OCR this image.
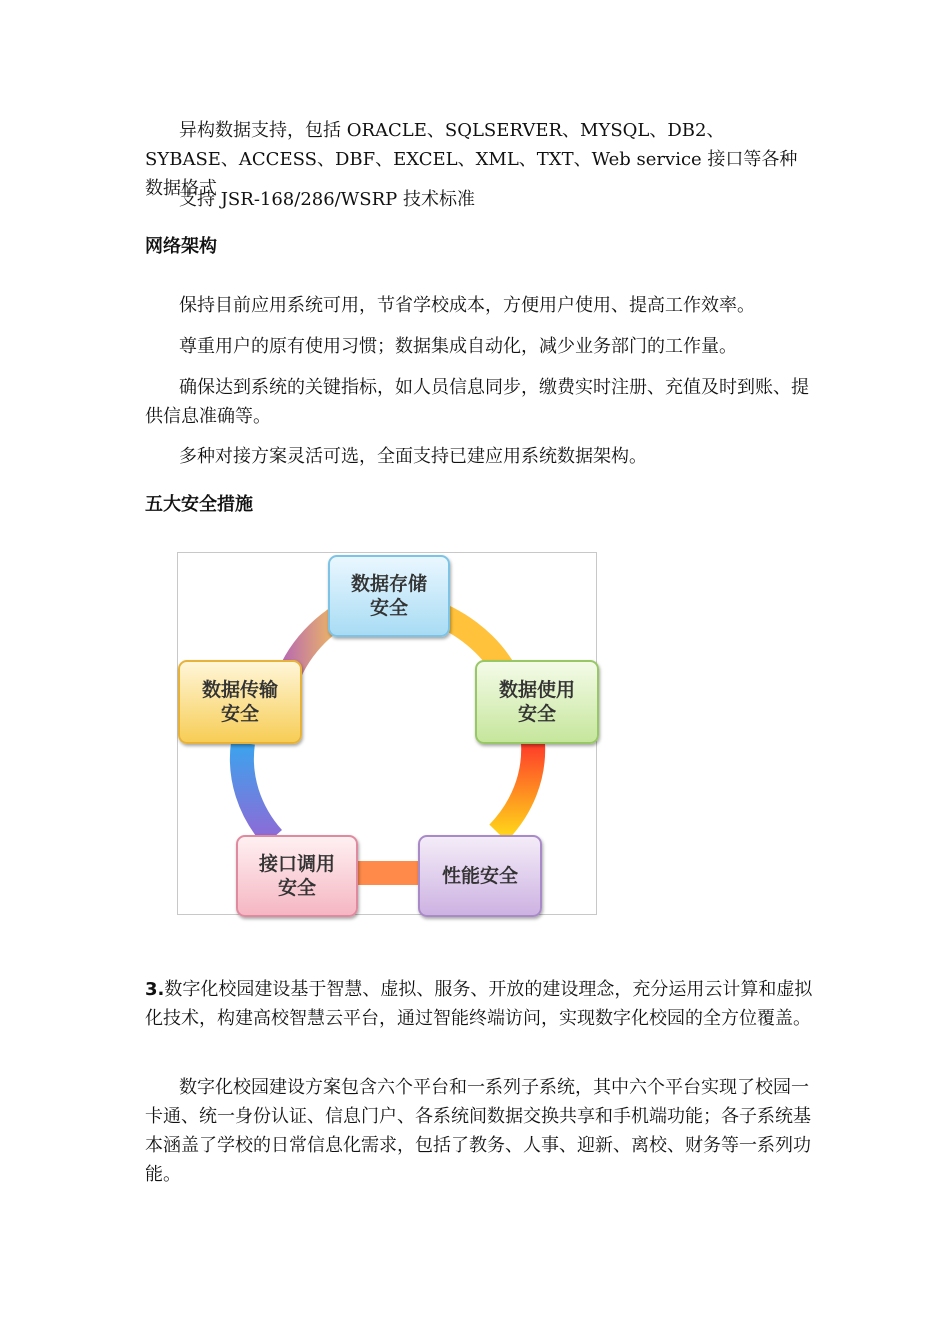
异构数据支持，包括 ORACLE、SQLSERVER、MYSQL、DB2、SYBASE、ACCESS、DBF、EXCEL、XML、TXT、Web service 接口等各种数据格式

支持 JSR-168/286/WSRP 技术标准

网络架构

保持目前应用系统可用，节省学校成本，方便用户使用、提高工作效率。

尊重用户的原有使用习惯；数据集成自动化，减少业务部门的工作量。

确保达到系统的关键指标，如人员信息同步，缴费实时注册、充值及时到账、提供信息准确等。

多种对接方案灵活可选，全面支持已建应用系统数据架构。

五大安全措施
数据存储
安全
数据使用
安全
数据传输
安全
接口调用
安全
性能安全

3.数字化校园建设基于智慧、虚拟、服务、开放的建设理念，充分运用云计算和虚拟化技术，构建高校智慧云平台，通过智能终端访问，实现数字化校园的全方位覆盖。

数字化校园建设方案包含六个平台和一系列子系统，其中六个平台实现了校园一卡通、统一身份认证、信息门户、各系统间数据交换共享和手机端功能；各子系统基本涵盖了学校的日常信息化需求，包括了教务、人事、迎新、离校、财务等一系列功能。
